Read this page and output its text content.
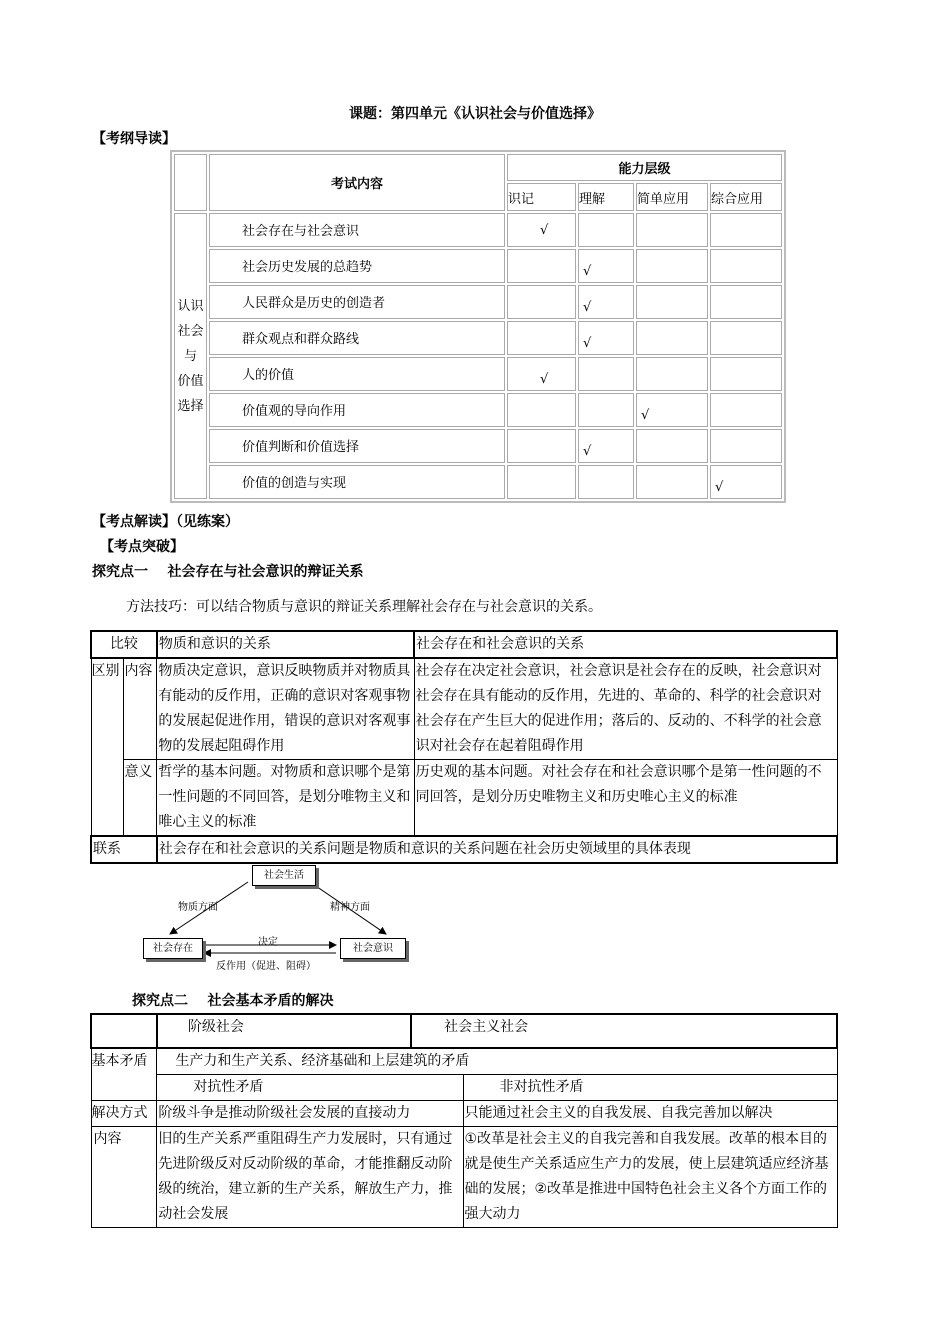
课题：第四单元《认识社会与价值选择》
【考纲导读】
	考试内容	能力层级			
		识记	理解	简单应用	综合应用

认识
社会
与
价值
选择	社会存在与社会意识	√			
	社会历史发展的总趋势		√		
	人民群众是历史的创造者		√		
	群众观点和群众路线		√		
	人的价值	√			
	价值观的导向作用			√	
	价值判断和价值选择		√		
	价值的创造与实现				√
【考点解读】（见练案）
【考点突破】
探究点一    社会存在与社会意识的辩证关系
方法技巧：可以结合物质与意识的辩证关系理解社会存在与社会意识的关系。
比较		物质和意识的关系	社会存在和社会意识的关系
区别	内容	物质决定意识，意识反映物质并对物质具有能动的反作用，正确的意识对客观事物的发展起促进作用，错误的意识对客观事物的发展起阻碍作用	社会存在决定社会意识，社会意识是社会存在的反映，社会意识对社会存在具有能动的反作用，先进的、革命的、科学的社会意识对社会存在产生巨大的促进作用；落后的、反动的、不科学的社会意识对社会存在起着阻碍作用
	意义	哲学的基本问题。对物质和意识哪个是第一性问题的不同回答，是划分唯物主义和唯心主义的标准	历史观的基本问题。对社会存在和社会意识哪个是第一性问题的不同回答，是划分历史唯物主义和历史唯心主义的标准
联系		社会存在和社会意识的关系问题是物质和意识的关系问题在社会历史领域里的具体表现	
社会生活
社会存在	社会意识
物质方面	精神方面
决定
反作用（促进、阻碍）
探究点二    社会基本矛盾的解决
	阶级社会	社会主义社会	
基本矛盾	生产力和生产关系、经济基础和上层建筑的矛盾		
	对抗性矛盾		非对抗性矛盾
解决方式	阶级斗争是推动阶级社会发展的直接动力		只能通过社会主义的自我发展、自我完善加以解决
内容	旧的生产关系严重阻碍生产力发展时，只有通过先进阶级反对反动阶级的革命，才能推翻反动阶级的统治，建立新的生产关系，解放生产力，推动社会发展		①改革是社会主义的自我完善和自我发展。改革的根本目的就是使生产关系适应生产力的发展，使上层建筑适应经济基础的发展；②改革是推进中国特色社会主义各个方面工作的强大动力
